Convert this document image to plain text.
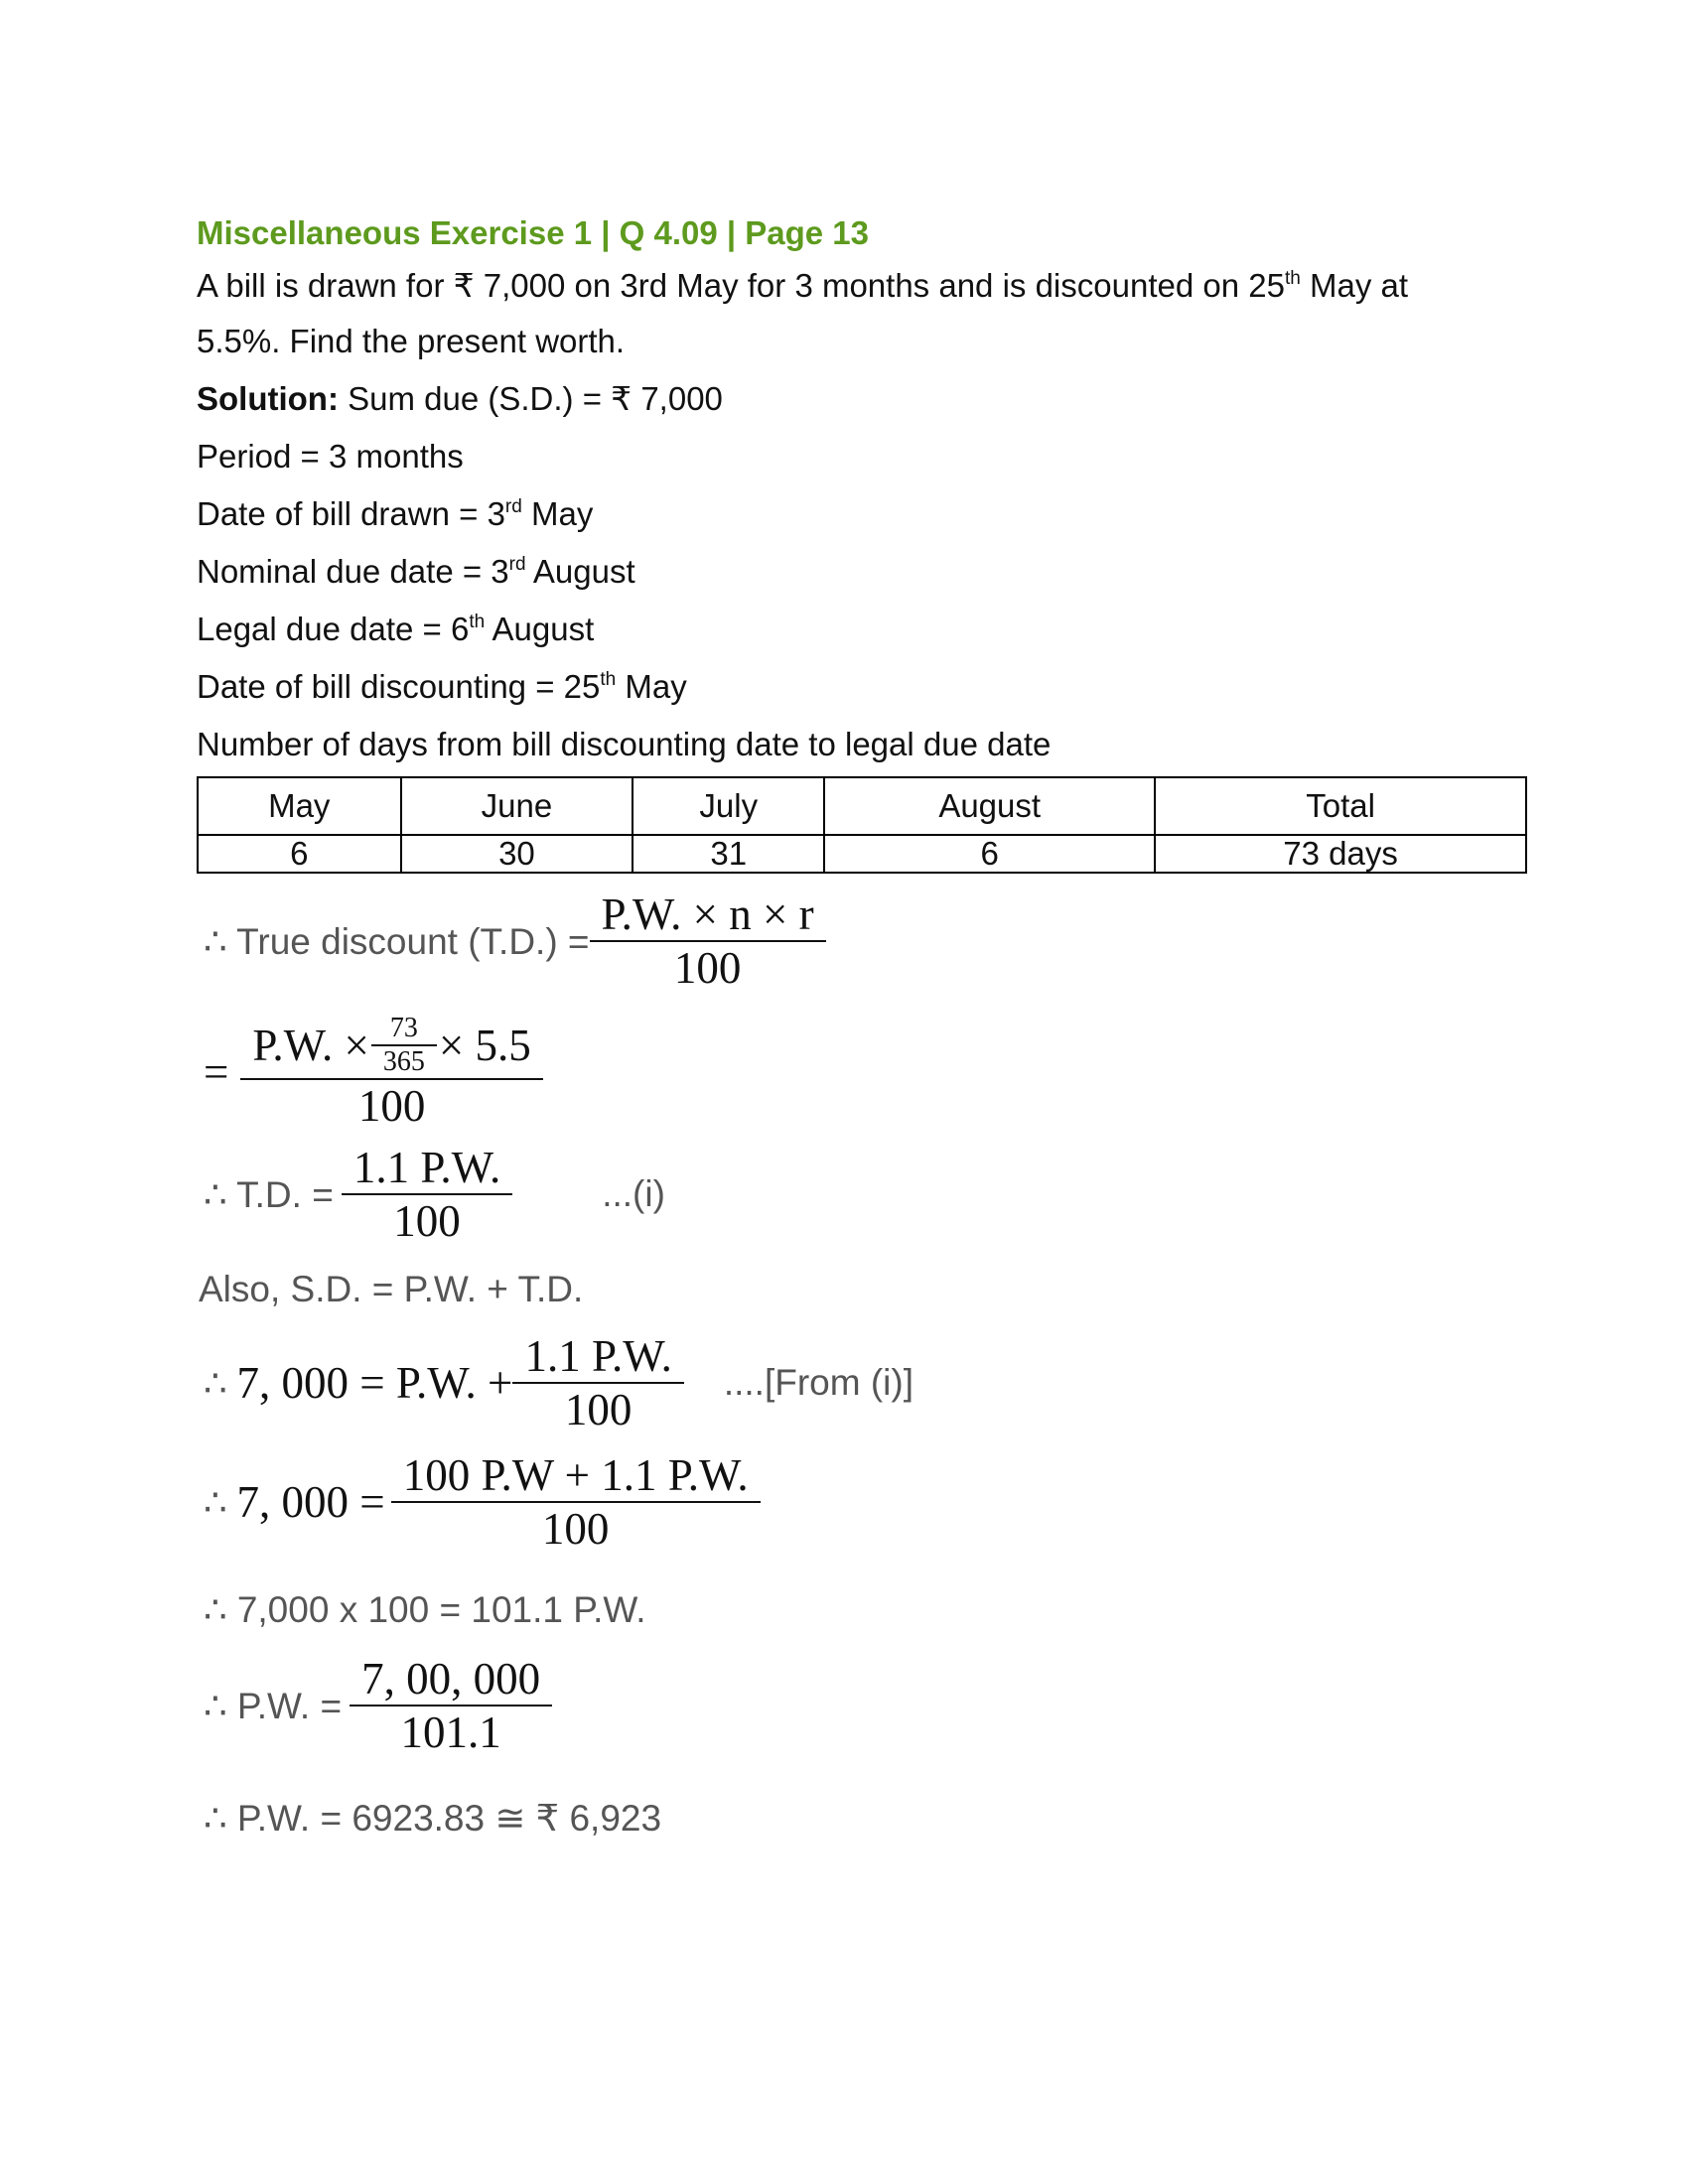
Miscellaneous Exercise 1 | Q 4.09 | Page 13
A bill is drawn for ₹ 7,000 on 3rd May for 3 months and is discounted on 25th May at
5.5%. Find the present worth.
Solution: Sum due (S.D.) = ₹ 7,000
Period = 3 months
Date of bill drawn = 3rd May
Nominal due date = 3rd August
Legal due date = 6th August
Date of bill discounting = 25th May
Number of days from bill discounting date to legal due date
May	June	July	August	Total
6	30	31	6	73 days
∴ True discount $(T.D.) = \frac{P.W. \times n \times r}{100}$
= $\frac{P.W. \times \frac{73}{365} \times 5.5}{100}$
∴ T.D. = $\frac{1.1 P.W.}{100}$	...(i)
Also, S.D. = P.W. + T.D.
∴ 7, 000 = P.W. + $\frac{1.1 P.W.}{100}$ ....[From (i)]
∴ 7, $000 = \frac{100 P.W + 1.1 P.W.}{100}$
∴ 7,000 x 100 = 101.1 P.W.
∴ P.W. = $\frac{7, 00, 000}{101.1}$
∴ P.W. = 6923.83 ≅ ₹ 6,923
